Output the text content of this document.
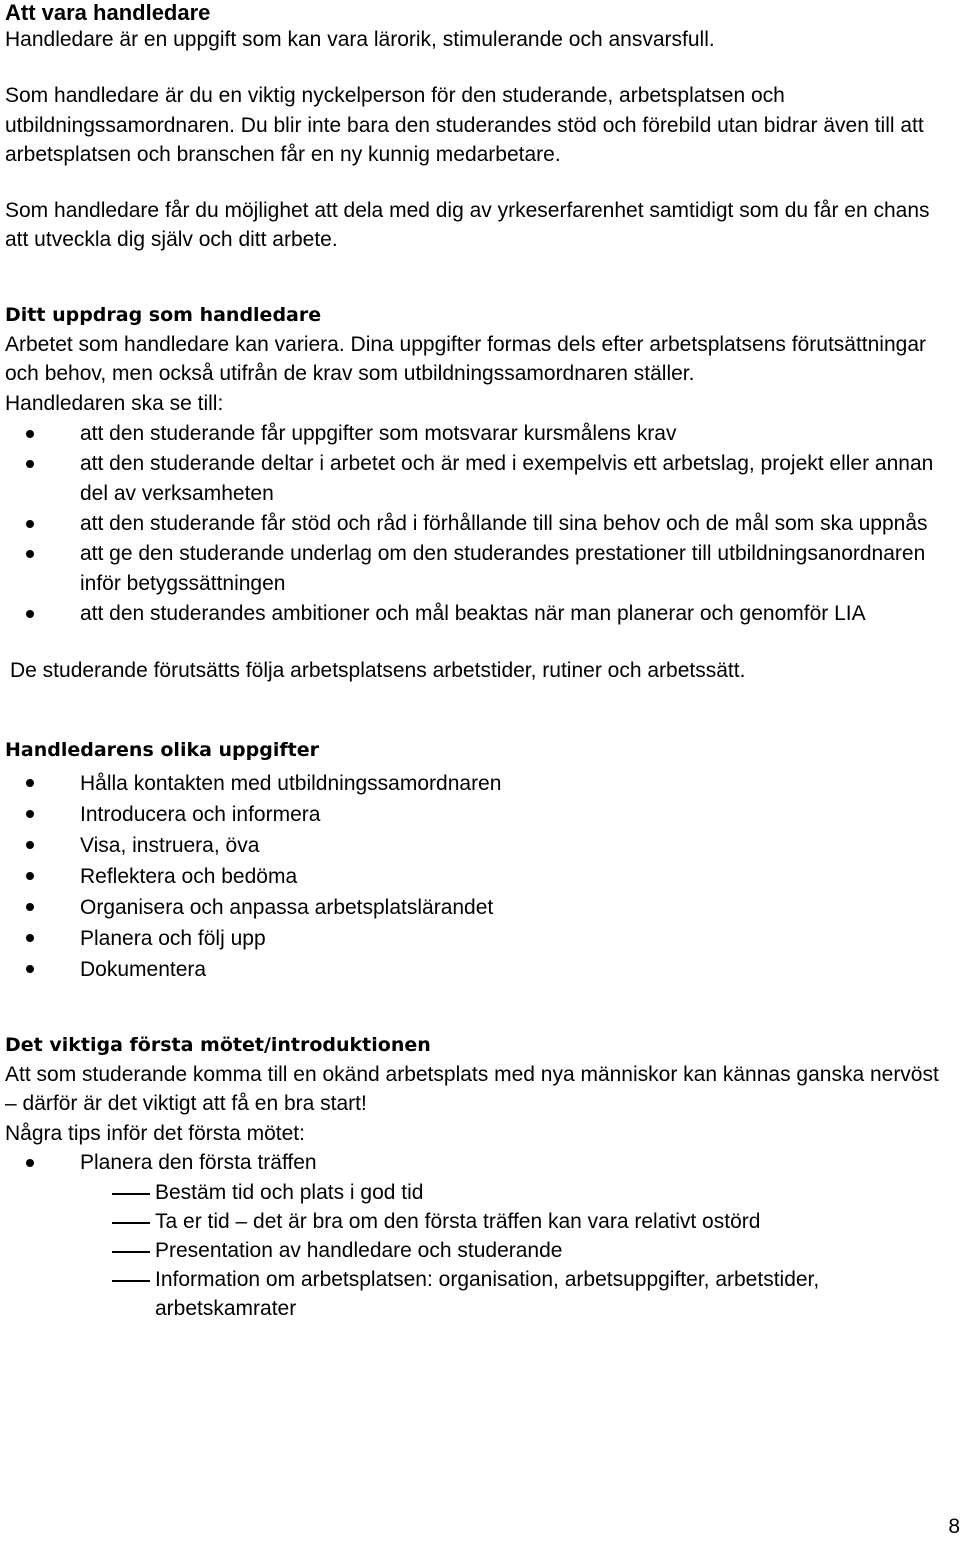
Att vara handledare

Handledare är en uppgift som kan vara lärorik, stimulerande och ansvarsfull.

Som handledare är du en viktig nyckelperson för den studerande, arbetsplatsen och utbildningssamordnaren. Du blir inte bara den studerandes stöd och förebild utan bidrar även till att arbetsplatsen och branschen får en ny kunnig medarbetare.

Som handledare får du möjlighet att dela med dig av yrkeserfarenhet samtidigt som du får en chans att utveckla dig själv och ditt arbete.

Ditt uppdrag som handledare

Arbetet som handledare kan variera. Dina uppgifter formas dels efter arbetsplatsens förutsättningar och behov, men också utifrån de krav som utbildningssamordnaren ställer.

Handledaren ska se till:

att den studerande får uppgifter som motsvarar kursmålens krav
att den studerande deltar i arbetet och är med i exempelvis ett arbetslag, projekt eller annan del av verksamheten
att den studerande får stöd och råd i förhållande till sina behov och de mål som ska uppnås
att ge den studerande underlag om den studerandes prestationer till utbildningsanordnaren inför betygssättningen
att den studerandes ambitioner och mål beaktas när man planerar och genomför LIA

De studerande förutsätts följa arbetsplatsens arbetstider, rutiner och arbetssätt.

Handledarens olika uppgifter
Hålla kontakten med utbildningssamordnaren
Introducera och informera
Visa, instruera, öva
Reflektera och bedöma
Organisera och anpassa arbetsplatslärandet
Planera och följ upp
Dokumentera
Det viktiga första mötet/introduktionen

Att som studerande komma till en okänd arbetsplats med nya människor kan kännas ganska nervöst – därför är det viktigt att få en bra start!

Några tips inför det första mötet:

Planera den första träffen
Bestäm tid och plats i god tid
Ta er tid – det är bra om den första träffen kan vara relativt ostörd
Presentation av handledare och studerande
Information om arbetsplatsen: organisation, arbetsuppgifter, arbetstider, arbetskamrater
8
